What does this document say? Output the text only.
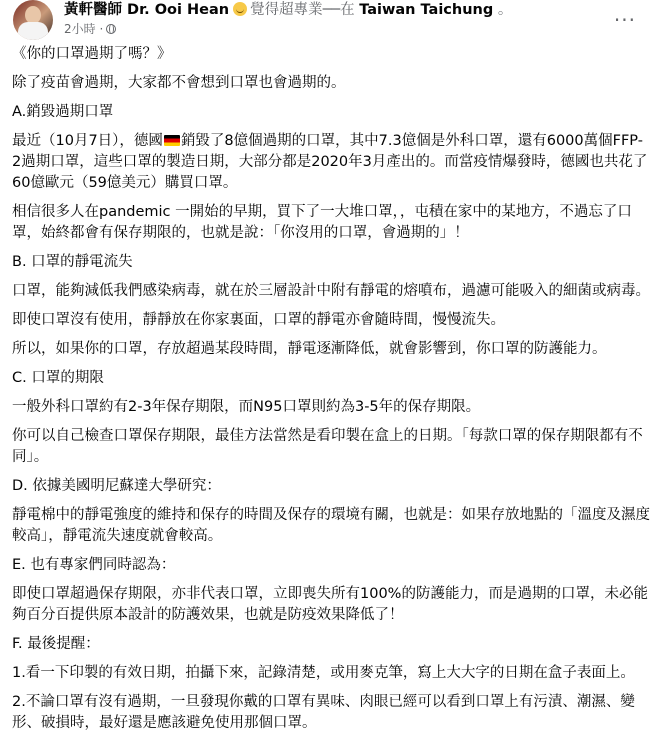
黃軒醫師 Dr. Ooi Hean 覺得超專業──在 Taiwan Taichung 。
2小時 ·	···

《你的口罩過期了嗎？》

除了疫苗會過期，大家都不會想到口罩也會過期的。

A.銷毀過期口罩

最近（10月7日），德國 銷毀了8億個過期的口罩，其中7.3億個是外科口罩，還有6000萬個FFP-2過期口罩，這些口罩的製造日期，大部分都是2020年3月產出的。而當疫情爆發時，德國也共花了60億歐元（59億美元）購買口罩。

相信很多人在pandemic 一開始的早期，買下了一大堆口罩，，屯積在家中的某地方，不過忘了口罩，始終都會有保存期限的，也就是說：「你沒用的口罩，會過期的」！

B. 口罩的靜電流失

口罩，能夠減低我們感染病毒，就在於三層設計中附有靜電的熔噴布，過濾可能吸入的細菌或病毒。

即使口罩沒有使用，靜靜放在你家裏面，口罩的靜電亦會隨時間，慢慢流失。

所以，如果你的口罩，存放超過某段時間，靜電逐漸降低，就會影響到，你口罩的防護能力。

C. 口罩的期限

一般外科口罩約有2-3年保存期限，而N95口罩則約為3-5年的保存期限。

你可以自己檢查口罩保存期限，最佳方法當然是看印製在盒上的日期。「每款口罩的保存期限都有不同」。

D. 依據美國明尼蘇達大學研究：

靜電棉中的靜電強度的維持和保存的時間及保存的環境有關，也就是：如果存放地點的「溫度及濕度較高」，靜電流失速度就會較高。

E. 也有專家們同時認為：

即使口罩超過保存期限，亦非代表口罩，立即喪失所有100%的防護能力，而是過期的口罩，未必能夠百分百提供原本設計的防護效果，也就是防疫效果降低了！

F. 最後提醒：

1.看一下印製的有效日期，拍攝下來，記錄清楚，或用麥克筆，寫上大大字的日期在盒子表面上。

2.不論口罩有沒有過期，一旦發現你戴的口罩有異味、肉眼已經可以看到口罩上有污漬、潮濕、變形、破損時，最好還是應該避免使用那個口罩。
